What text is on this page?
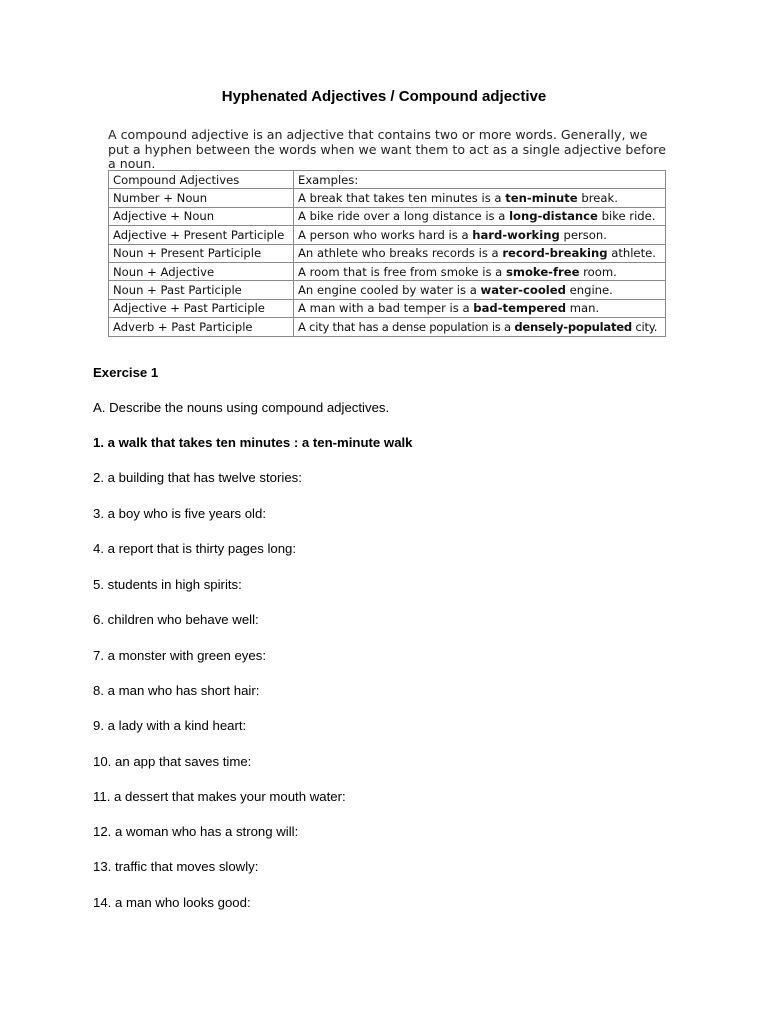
Hyphenated Adjectives / Compound adjective
A compound adjective is an adjective that contains two or more words. Generally, we put a hyphen between the words when we want them to act as a single adjective before a noun.
Compound Adjectives	Examples:
Number + Noun	A break that takes ten minutes is a ten-minute break.
Adjective + Noun	A bike ride over a long distance is a long-distance bike ride.
Adjective + Present Participle	A person who works hard is a hard-working person.
Noun + Present Participle	An athlete who breaks records is a record-breaking athlete.
Noun + Adjective	A room that is free from smoke is a smoke-free room.
Noun + Past Participle	An engine cooled by water is a water-cooled engine.
Adjective + Past Participle	A man with a bad temper is a bad-tempered man.
Adverb + Past Participle	A city that has a dense population is a densely-populated city.
Exercise 1
A. Describe the nouns using compound adjectives.
1. a walk that takes ten minutes : a ten-minute walk
2. a building that has twelve stories:
3. a boy who is five years old:
4. a report that is thirty pages long:
5. students in high spirits:
6. children who behave well:
7. a monster with green eyes:
8. a man who has short hair:
9. a lady with a kind heart:
10. an app that saves time:
11. a dessert that makes your mouth water:
12. a woman who has a strong will:
13. traffic that moves slowly:
14. a man who looks good:
